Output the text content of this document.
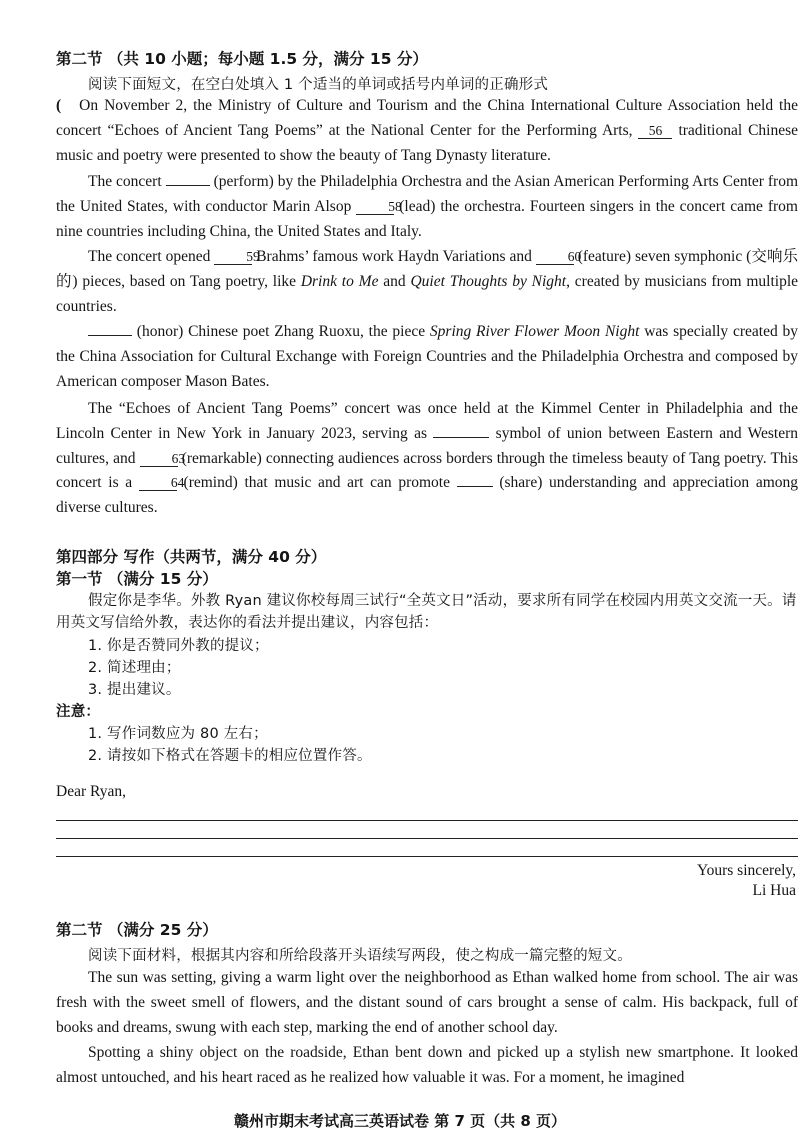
第二节 （共 10 小题；每小题 1.5 分，满分 15 分）
阅读下面短文，在空白处填入 1 个适当的单词或括号内单词的正确形式

( On November 2, the Ministry of Culture and Tourism and the China International Culture Association held the concert “Echoes of Ancient Tang Poems” at the National Center for the Performing Arts, 56 traditional Chinese music and poetry were presented to show the beauty of Tang Dynasty literature.

The concert	(perform) by the Philadelphia Orchestra and the Asian American Performing Arts Center from the United States, with conductor Marin Alsop	58 (lead) the orchestra. Fourteen singers in the concert came from nine countries including China, the United States and Italy.

The concert opened	59 Brahms’ famous work Haydn Variations and	60 (feature) seven symphonic (交响乐的) pieces, based on Tang poetry, like Drink to Me and Quiet Thoughts by Night, created by musicians from multiple countries.

(honor) Chinese poet Zhang Ruoxu, the piece Spring River Flower Moon Night was specially created by the China Association for Cultural Exchange with Foreign Countries and the Philadelphia Orchestra and composed by American composer Mason Bates.

The “Echoes of Ancient Tang Poems” concert was once held at the Kimmel Center in Philadelphia and the Lincoln Center in New York in January 2023, serving as	symbol of union between Eastern and Western cultures, and	63 (remarkable) connecting audiences across borders through the timeless beauty of Tang poetry. This concert is a	64 (remind) that music and art can promote	(share) understanding and appreciation among diverse cultures.

第四部分 写作（共两节，满分 40 分）
第一节 （满分 15 分）
假定你是李华。外教 Ryan 建议你校每周三试行“全英文日”活动，要求所有同学在校园内用英文交流一天。请用英文写信给外教，表达你的看法并提出建议，内容包括：
1. 你是否赞同外教的提议；
2. 简述理由；
3. 提出建议。
注意：
1. 写作词数应为 80 左右；
2. 请按如下格式在答题卡的相应位置作答。
Dear Ryan,
Yours sincerely,
Li Hua
第二节 （满分 25 分）
阅读下面材料，根据其内容和所给段落开头语续写两段，使之构成一篇完整的短文。

The sun was setting, giving a warm light over the neighborhood as Ethan walked home from school. The air was fresh with the sweet smell of flowers, and the distant sound of cars brought a sense of calm. His backpack, full of books and dreams, swung with each step, marking the end of another school day.

Spotting a shiny object on the roadside, Ethan bent down and picked up a stylish new smartphone. It looked almost untouched, and his heart raced as he realized how valuable it was. For a moment, he imagined

赣州市期末考试高三英语试卷 第 7 页（共 8 页）
